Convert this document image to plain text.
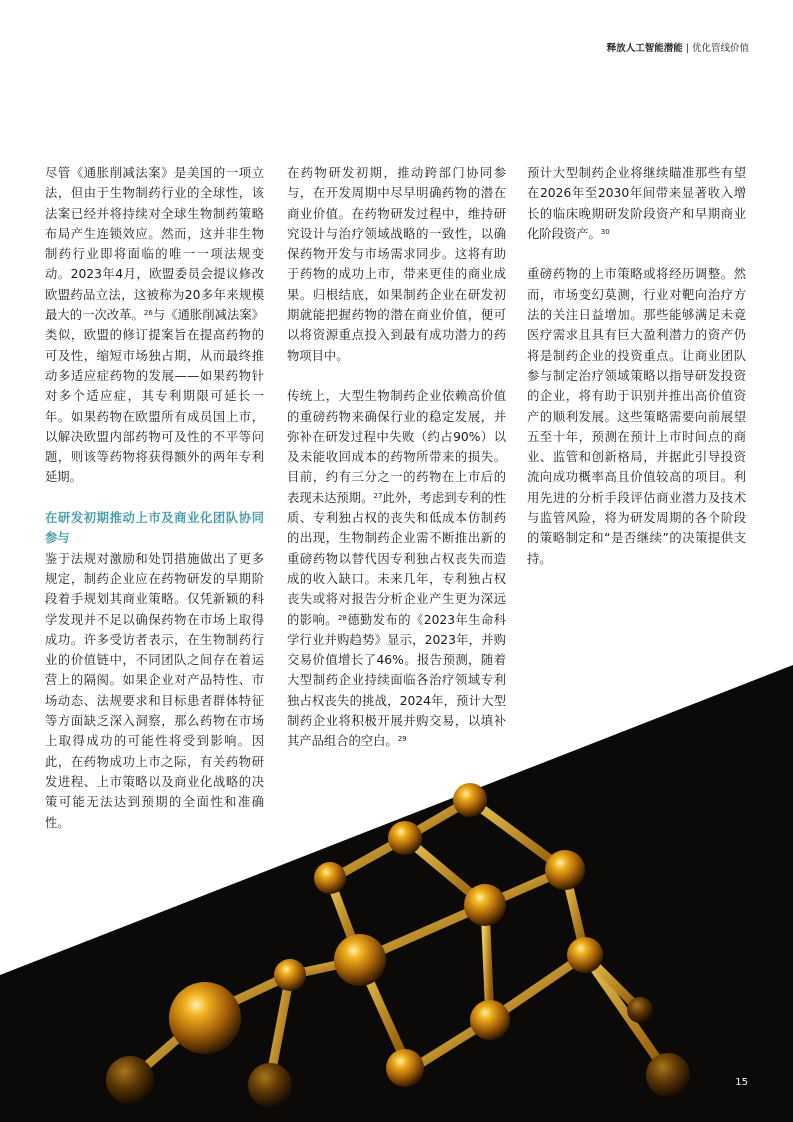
释放人工智能潜能 | 优化管线价值

尽管《通胀削减法案》是美国的一项立法，但由于生物制药行业的全球性，该法案已经并将持续对全球生物制药策略布局产生连锁效应。然而，这并非生物制药行业即将面临的唯一一项法规变动。2023年4月，欧盟委员会提议修改欧盟药品立法，这被称为20多年来规模最大的一次改革。$^{26}$与《通胀削减法案》类似，欧盟的修订提案旨在提高药物的可及性，缩短市场独占期，从而最终推动多适应症药物的发展——如果药物针对多个适应症，其专利期限可延长一年。如果药物在欧盟所有成员国上市，以解决欧盟内部药物可及性的不平等问题，则该等药物将获得额外的两年专利延期。

在研发初期推动上市及商业化团队协同参与

鉴于法规对激励和处罚措施做出了更多规定，制药企业应在药物研发的早期阶段着手规划其商业策略。仅凭新颖的科学发现并不足以确保药物在市场上取得成功。许多受访者表示，在生物制药行业的价值链中，不同团队之间存在着运营上的隔阂。如果企业对产品特性、市场动态、法规要求和目标患者群体特征等方面缺乏深入洞察，那么药物在市场上取得成功的可能性将受到影响。因此，在药物成功上市之际，有关药物研发进程、上市策略以及商业化战略的决策可能无法达到预期的全面性和准确性。

在药物研发初期，推动跨部门协同参与，在开发周期中尽早明确药物的潜在商业价值。在药物研发过程中，维持研究设计与治疗领域战略的一致性，以确保药物开发与市场需求同步。这将有助于药物的成功上市，带来更佳的商业成果。归根结底，如果制药企业在研发初期就能把握药物的潜在商业价值，便可以将资源重点投入到最有成功潜力的药物项目中。

传统上，大型生物制药企业依赖高价值的重磅药物来确保行业的稳定发展，并弥补在研发过程中失败（约占90%）以及未能收回成本的药物所带来的损失。目前，约有三分之一的药物在上市后的表现未达预期。$^{27}$此外，考虑到专利的性质、专利独占权的丧失和低成本仿制药的出现，生物制药企业需不断推出新的重磅药物以替代因专利独占权丧失而造成的收入缺口。未来几年，专利独占权丧失或将对报告分析企业产生更为深远的影响。$^{28}$德勤发布的《2023年生命科学行业并购趋势》显示，2023年，并购交易价值增长了46%。报告预测，随着大型制药企业持续面临各治疗领域专利独占权丧失的挑战，2024年，预计大型制药企业将积极开展并购交易，以填补其产品组合的空白。$^{29}$

预计大型制药企业将继续瞄准那些有望在2026年至2030年间带来显著收入增长的临床晚期研发阶段资产和早期商业化阶段资产。$^{30}$

重磅药物的上市策略或将经历调整。然而，市场变幻莫测，行业对靶向治疗方法的关注日益增加。那些能够满足未竟医疗需求且具有巨大盈利潜力的资产仍将是制药企业的投资重点。让商业团队参与制定治疗领域策略以指导研发投资的企业，将有助于识别并推出高价值资产的顺利发展。这些策略需要向前展望五至十年，预测在预计上市时间点的商业、监管和创新格局，并据此引导投资流向成功概率高且价值较高的项目。利用先进的分析手段评估商业潜力及技术与监管风险，将为研发周期的各个阶段的策略制定和“是否继续”的决策提供支持。

15
